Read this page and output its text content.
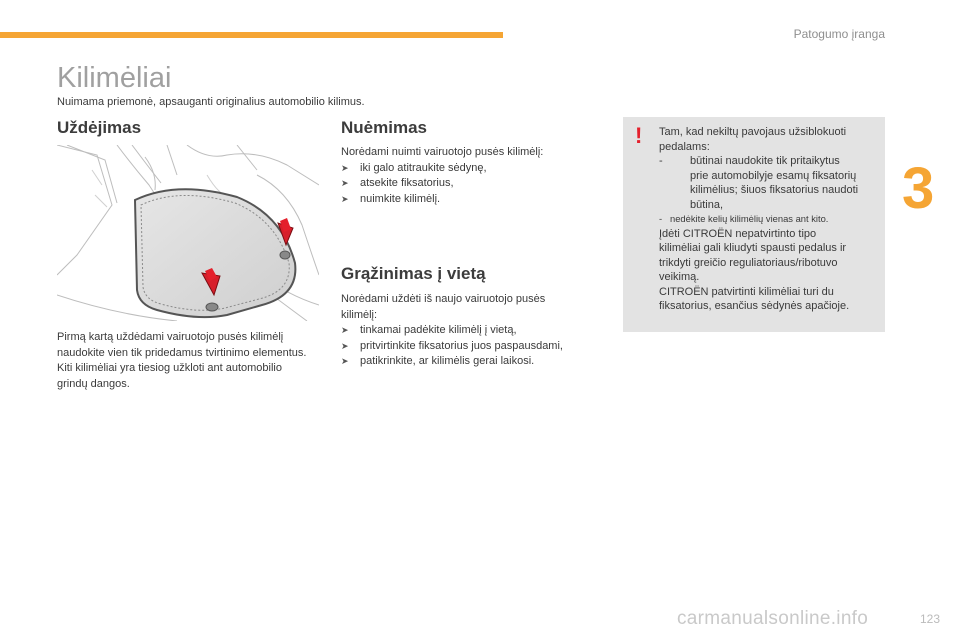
Patogumo įranga
3
Kilimėliai
Nuimama priemonė, apsauganti originalius automobilio kilimus.
Uždėjimas	Nuėmimas
Pirmą kartą uždėdami vairuotojo pusės kilimėlį
naudokite vien tik pridedamus tvirtinimo elementus.
Kiti kilimėliai yra tiesiog užkloti ant automobilio
grindų dangos.
Norėdami nuimti vairuotojo pusės kilimėlį:
➤ iki galo atitraukite sėdynę,
➤ atsekite fiksatorius,
➤ nuimkite kilimėlį.
Grąžinimas į vietą
Norėdami uždėti iš naujo vairuotojo pusės
kilimėlį:
➤ tinkamai padėkite kilimėlį į vietą,
➤ pritvirtinkite fiksatorius juos paspausdami,
➤ patikrinkite, ar kilimėlis gerai laikosi.
! Tam, kad nekiltų pavojaus užsiblokuoti
pedalams:
- būtinai naudokite tik pritaikytus
prie automobilyje esamų fiksatorių
kilimėlius; šiuos fiksatorius naudoti
būtina,
- nedėkite kelių kilimėlių vienas ant kito.
Įdėti CITROËN nepatvirtinto tipo
kilimėliai gali kliudyti spausti pedalus ir
trikdyti greičio reguliatoriaus/ribotuvo
veikimą.
CITROËN patvirtinti kilimėliai turi du
fiksatorius, esančius sėdynės apačioje.
carmanualsonline.info	123
